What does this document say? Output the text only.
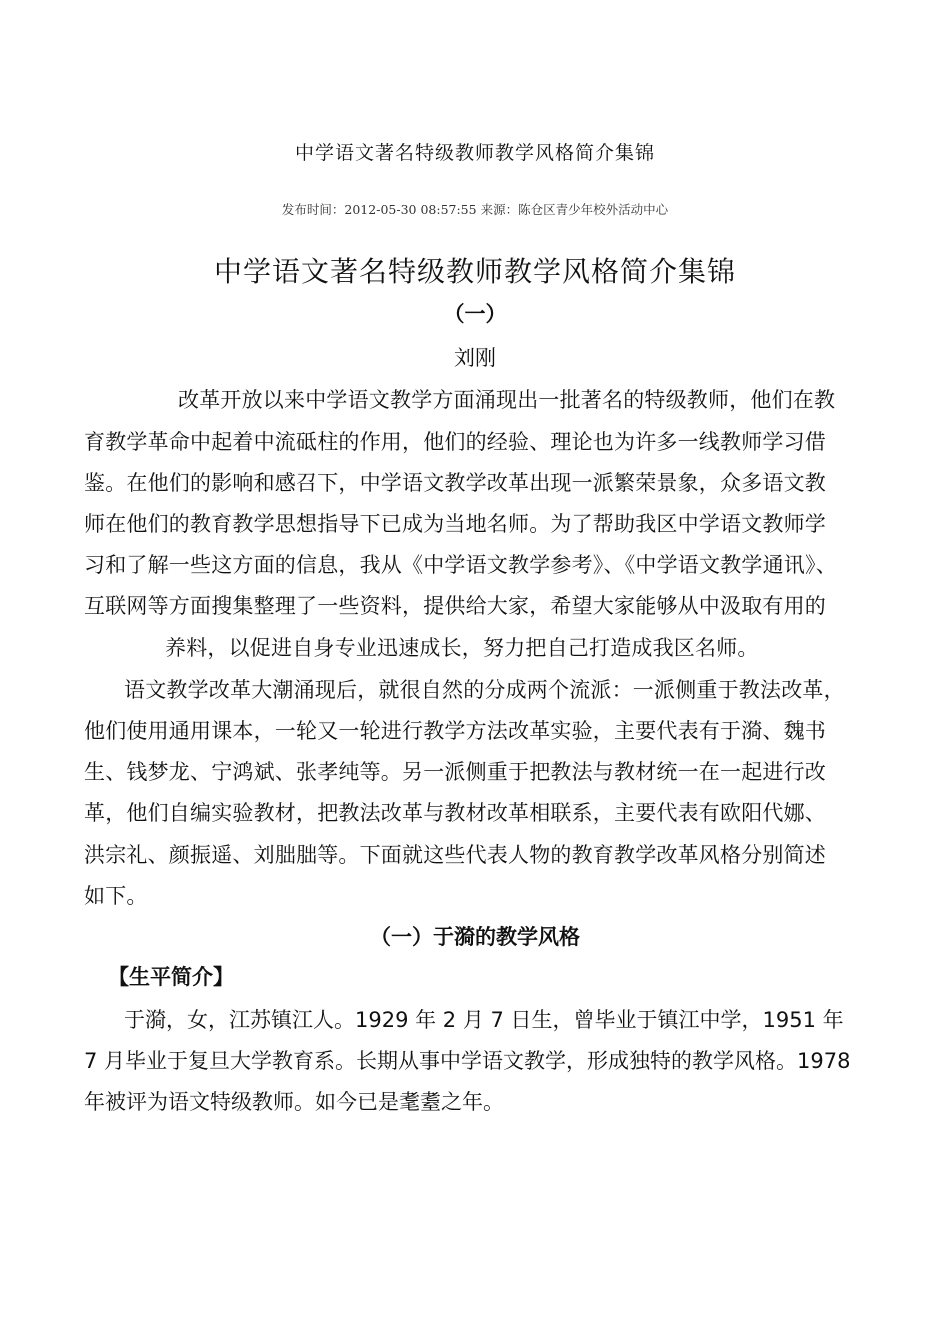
中学语文著名特级教师教学风格简介集锦
发布时间：2012-05-30 08:57:55 来源：陈仓区青少年校外活动中心
中学语文著名特级教师教学风格简介集锦
（一）
刘刚
改革开放以来中学语文教学方面涌现出一批著名的特级教师，他们在教
育教学革命中起着中流砥柱的作用，他们的经验、理论也为许多一线教师学习借
鉴。在他们的影响和感召下，中学语文教学改革出现一派繁荣景象，众多语文教
师在他们的教育教学思想指导下已成为当地名师。为了帮助我区中学语文教师学
习和了解一些这方面的信息，我从《中学语文教学参考》、《中学语文教学通讯》、
互联网等方面搜集整理了一些资料，提供给大家，希望大家能够从中汲取有用的
养料，以促进自身专业迅速成长，努力把自己打造成我区名师。
语文教学改革大潮涌现后，就很自然的分成两个流派：一派侧重于教法改革，
他们使用通用课本，一轮又一轮进行教学方法改革实验，主要代表有于漪、魏书
生、钱梦龙、宁鸿斌、张孝纯等。另一派侧重于把教法与教材统一在一起进行改
革，他们自编实验教材，把教法改革与教材改革相联系，主要代表有欧阳代娜、
洪宗礼、颜振遥、刘朏朏等。下面就这些代表人物的教育教学改革风格分别简述
如下。
（一）于漪的教学风格
【生平简介】
于漪，女，江苏镇江人。1929 年 2 月 7 日生，曾毕业于镇江中学，1951 年
7 月毕业于复旦大学教育系。长期从事中学语文教学，形成独特的教学风格。1978
年被评为语文特级教师。如今已是耄耋之年。
